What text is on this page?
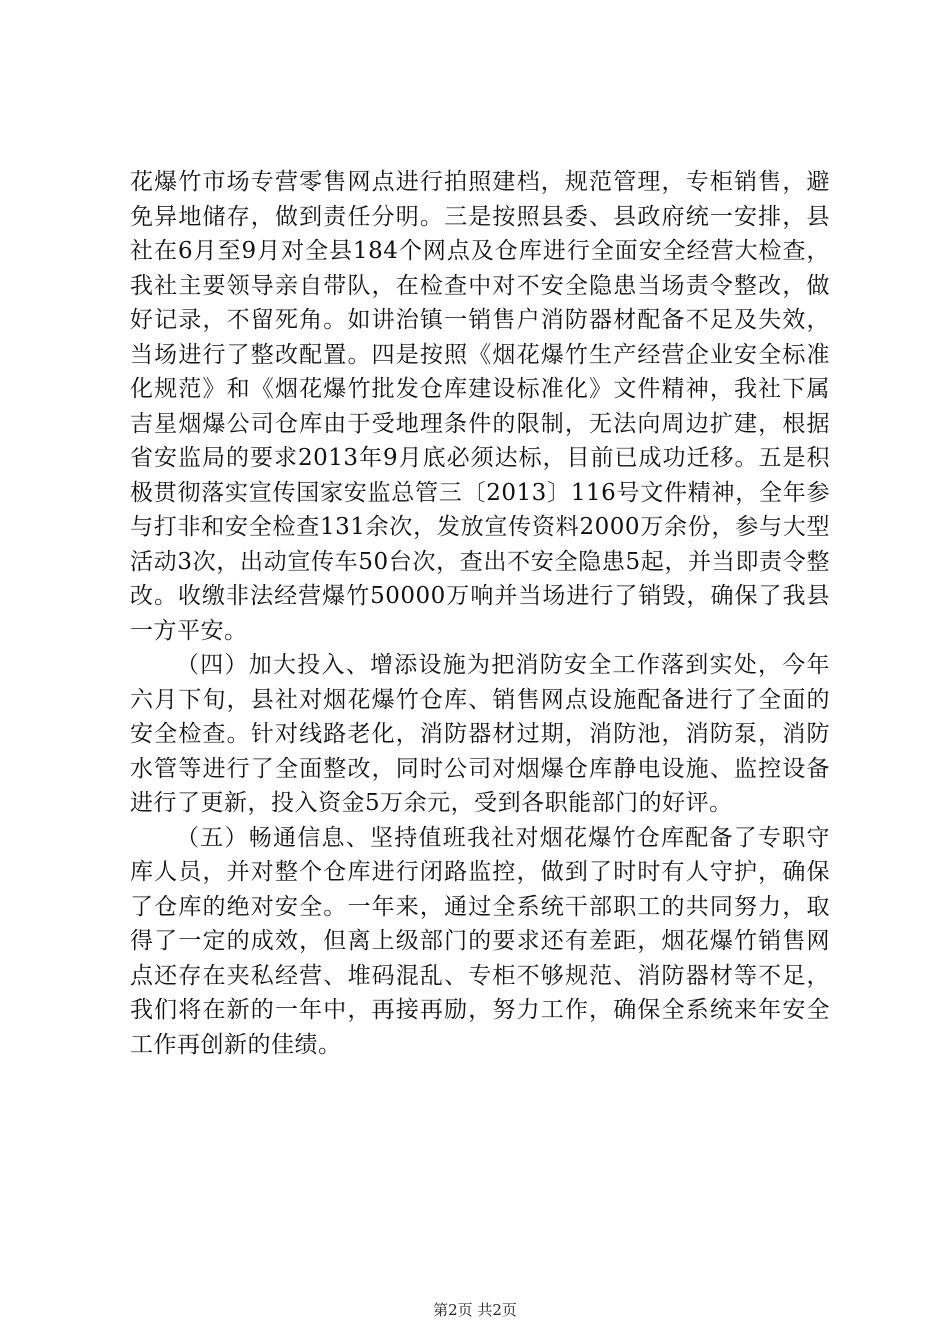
花爆竹市场专营零售网点进行拍照建档，规范管理，专柜销售，避免异地储存，做到责任分明。三是按照县委、县政府统一安排，县社在6月至9月对全县184个网点及仓库进行全面安全经营大检查，我社主要领导亲自带队，在检查中对不安全隐患当场责令整改，做好记录，不留死角。如讲治镇一销售户消防器材配备不足及失效，当场进行了整改配置。四是按照《烟花爆竹生产经营企业安全标准化规范》和《烟花爆竹批发仓库建设标准化》文件精神，我社下属吉星烟爆公司仓库由于受地理条件的限制，无法向周边扩建，根据省安监局的要求2013年9月底必须达标，目前已成功迁移。五是积极贯彻落实宣传国家安监总管三〔2013〕116号文件精神，全年参与打非和安全检查131余次，发放宣传资料2000万余份，参与大型活动3次，出动宣传车50台次，查出不安全隐患5起，并当即责令整改。收缴非法经营爆竹50000万响并当场进行了销毁，确保了我县一方平安。

（四）加大投入、增添设施为把消防安全工作落到实处，今年六月下旬，县社对烟花爆竹仓库、销售网点设施配备进行了全面的安全检查。针对线路老化，消防器材过期，消防池，消防泵，消防水管等进行了全面整改，同时公司对烟爆仓库静电设施、监控设备进行了更新，投入资金5万余元，受到各职能部门的好评。

（五）畅通信息、坚持值班我社对烟花爆竹仓库配备了专职守库人员，并对整个仓库进行闭路监控，做到了时时有人守护，确保了仓库的绝对安全。一年来，通过全系统干部职工的共同努力，取得了一定的成效，但离上级部门的要求还有差距，烟花爆竹销售网点还存在夹私经营、堆码混乱、专柜不够规范、消防器材等不足，我们将在新的一年中，再接再励，努力工作，确保全系统来年安全工作再创新的佳绩。

第2页 共2页
